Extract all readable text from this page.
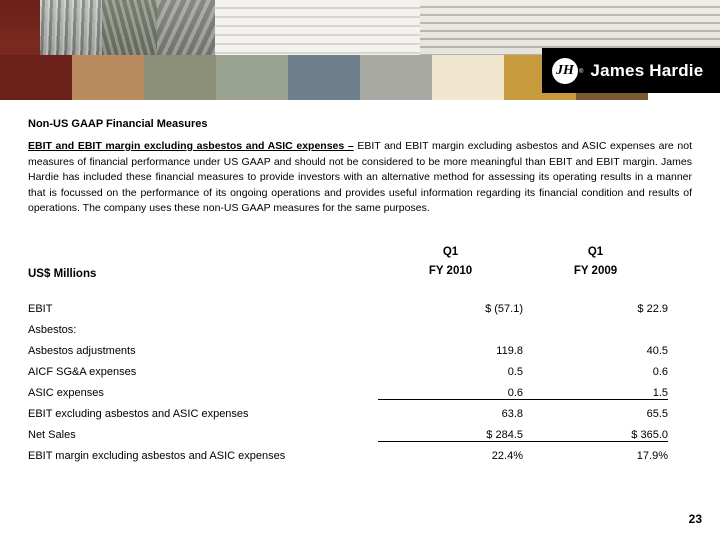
JH ® James Hardie
Non-US GAAP Financial Measures

EBIT and EBIT margin excluding asbestos and ASIC expenses – EBIT and EBIT margin excluding asbestos and ASIC expenses are not measures of financial performance under US GAAP and should not be considered to be more meaningful than EBIT and EBIT margin. James Hardie has included these financial measures to provide investors with an alternative method for assessing its operating results in a manner that is focussed on the performance of its ongoing operations and provides useful information regarding its financial condition and results of operations. The company uses these non-US GAAP measures for the same purposes.

	Q1	Q1
US$ Millions	FY 2010	FY 2009

EBIT	$ (57.1)	$ 22.9
Asbestos:		
Asbestos adjustments	119.8	40.5
AICF SG&A expenses	0.5	0.6
ASIC expenses	0.6	1.5
EBIT excluding asbestos and ASIC expenses	63.8	65.5
Net Sales	$ 284.5	$ 365.0
EBIT margin excluding asbestos and ASIC expenses	22.4%	17.9%
23
